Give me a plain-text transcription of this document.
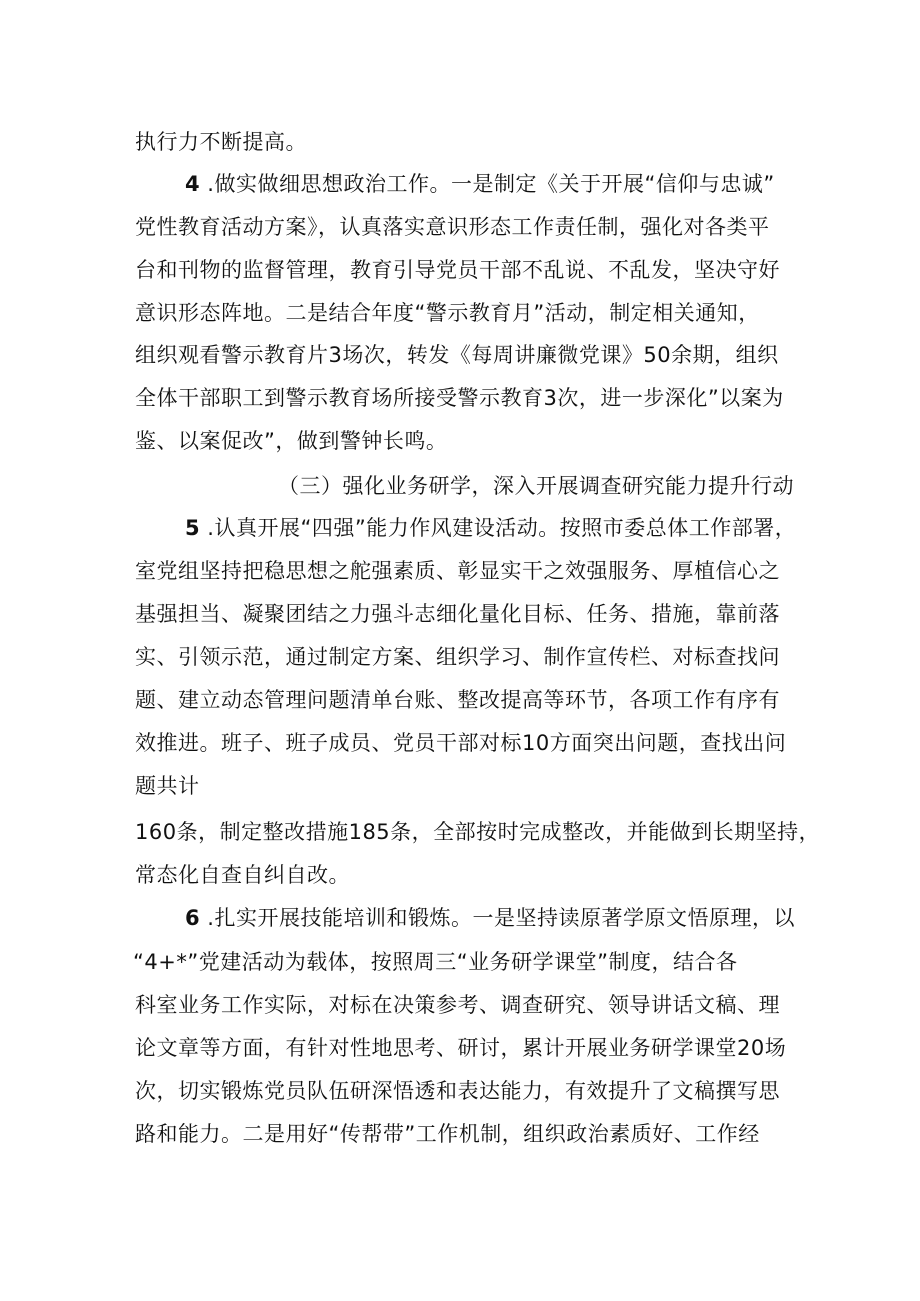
执行力不断提高。
4 .做实做细思想政治工作。一是制定《关于开展“信仰与忠诚”
党性教育活动方案》，认真落实意识形态工作责任制，强化对各类平
台和刊物的监督管理，教育引导党员干部不乱说、不乱发，坚决守好
意识形态阵地。二是结合年度“警示教育月”活动，制定相关通知，
组织观看警示教育片3场次，转发《每周讲廉微党课》50余期，组织
全体干部职工到警示教育场所接受警示教育3次，进一步深化”以案为
鉴、以案促改”，做到警钟长鸣。
（三）强化业务研学，深入开展调查研究能力提升行动
5 .认真开展“四强”能力作风建设活动。按照市委总体工作部署，
室党组坚持把稳思想之舵强素质、彰显实干之效强服务、厚植信心之
基强担当、凝聚团结之力强斗志细化量化目标、任务、措施，靠前落
实、引领示范，通过制定方案、组织学习、制作宣传栏、对标查找问
题、建立动态管理问题清单台账、整改提高等环节，各项工作有序有
效推进。班子、班子成员、党员干部对标10方面突出问题，查找出问
题共计
160条，制定整改措施185条，全部按时完成整改，并能做到长期坚持，
常态化自查自纠自改。
6 .扎实开展技能培训和锻炼。一是坚持读原著学原文悟原理，以
“4+*”党建活动为载体，按照周三“业务研学课堂”制度，结合各
科室业务工作实际，对标在决策参考、调查研究、领导讲话文稿、理
论文章等方面，有针对性地思考、研讨，累计开展业务研学课堂20场
次，切实锻炼党员队伍研深悟透和表达能力，有效提升了文稿撰写思
路和能力。二是用好“传帮带”工作机制，组织政治素质好、工作经
